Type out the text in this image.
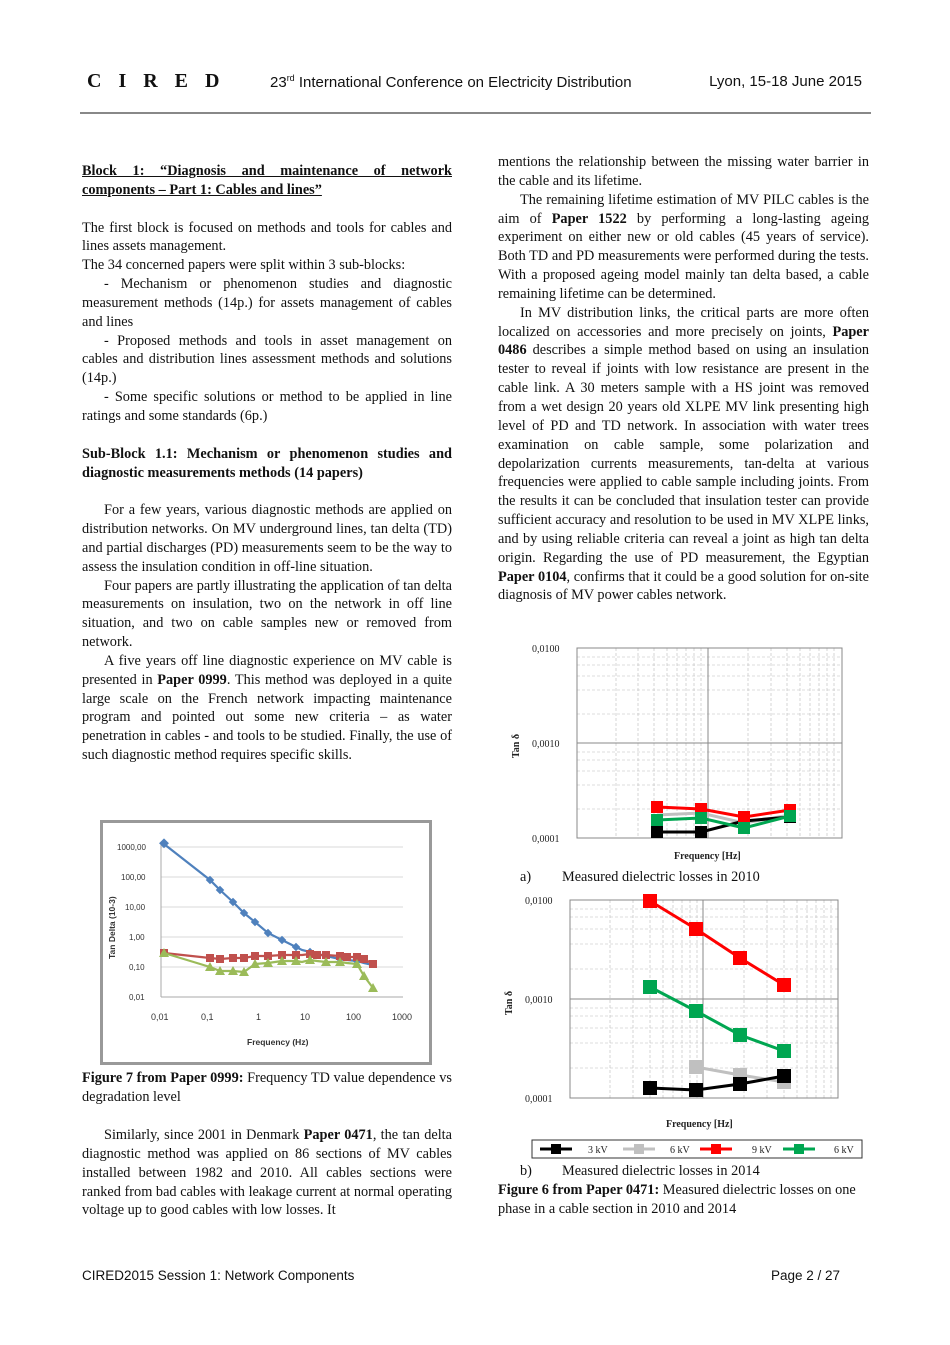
C I R E D	23rd International Conference on Electricity Distribution	Lyon, 15-18 June 2015

Block 1: “Diagnosis and maintenance of network components – Part 1: Cables and lines”

The first block is focused on methods and tools for cables and lines assets management.

The 34 concerned papers were split within 3 sub-blocks:

- Mechanism or phenomenon studies and diagnostic measurement methods (14p.) for assets management of cables and lines

- Proposed methods and tools in asset management on cables and distribution lines assessment methods and solutions (14p.)

- Some specific solutions or method to be applied in line ratings and some standards (6p.)

Sub-Block 1.1: Mechanism or phenomenon studies and diagnostic measurements methods (14 papers)

For a few years, various diagnostic methods are applied on distribution networks. On MV underground lines, tan delta (TD) and partial discharges (PD) measurements seem to be the way to assess the insulation condition in off-line situation.

Four papers are partly illustrating the application of tan delta measurements on insulation, two on the network in off line situation, and two on cable samples new or removed from network.

A five years off line diagnostic experience on MV cable is presented in Paper 0999. This method was deployed in a quite large scale on the French network impacting maintenance program and pointed out some new criteria – as water penetration in cables - and tools to be studied. Finally, the use of such diagnostic method requires specific skills.

1000,00
100,00
10,00
1,00
0,10
0,01
0,01	0,1	1	10	100	1000
Frequency (Hz)
Tan Delta (10-3)
Figure 7 from Paper 0999: Frequency TD value dependence vs degradation level
Similarly, since 2001 in Denmark Paper 0471, the tan delta diagnostic method was applied on 86 sections of MV cables installed between 1982 and 2010. All cables sections were ranked from bad cables with leakage current at normal operating voltage up to good cables with low losses. It

mentions the relationship between the missing water barrier in the cable and its lifetime.

The remaining lifetime estimation of MV PILC cables is the aim of Paper 1522 by performing a long-lasting ageing experiment on either new or old cables (45 years of service). Both TD and PD measurements were performed during the tests. With a proposed ageing model mainly tan delta based, a cable remaining lifetime can be determined.

In MV distribution links, the critical parts are more often localized on accessories and more precisely on joints, Paper 0486 describes a simple method based on using an insulation tester to reveal if joints with low resistance are present in the cable link. A 30 meters sample with a HS joint was removed from a wet design 20 years old XLPE MV link presenting high level of PD and TD network. In association with water trees examination on cable sample, some polarization and depolarization currents measurements, tan-delta at various frequencies were applied to cable sample including joints. From the results it can be concluded that insulation tester can provide sufficient accuracy and resolution to be used in MV XLPE links, and by using reliable criteria can reveal a joint as high tan delta origin. Regarding the use of PD measurement, the Egyptian Paper 0104, confirms that it could be a good solution for on-site diagnosis of MV power cables network.

0,0100
0,0010
0,0001
Frequency [Hz]
Tan δ
a) Measured dielectric losses in 2010
0,0100
0,0010
0,0001
Frequency [Hz]
Tan δ
3 kV	6 kV	9 kV	6 kV
b) Measured dielectric losses in 2014
Figure 6 from Paper 0471: Measured dielectric losses on one phase in a cable section in 2010 and 2014
CIRED2015 Session 1: Network Components	Page 2 / 27
